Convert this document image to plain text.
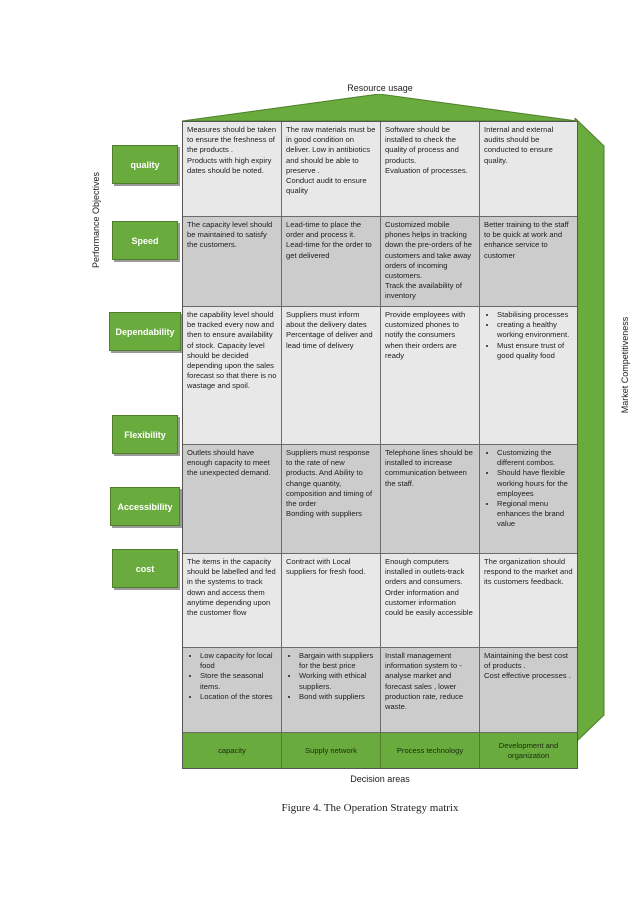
Resource usage
Performance Objectives
Market Competitiveness
quality
Speed
Dependability
Flexibility
Accessibility
cost
Measures should be taken to ensure the freshness of the products .
Products with high expiry dates should be noted.
The raw materials must be in good condition on deliver. Low in antibiotics and should be able to preserve .
Conduct audit to ensure quality
Software should be installed to check the quality of process and products.
Evaluation of processes.
Internal and external audits should be conducted to ensure quality.
The capacity level should be maintained to satisfy the customers.
Lead-time to place the order and process it.
Lead-time for the order to get delivered
Customized mobile phones helps in tracking down the pre-orders of he customers and take away orders of incoming customers.
Track the availability of inventory
Better training to the staff to be quick at work and enhance service to customer
the capability level should be tracked every now and then to ensure availability of stock. Capacity level should be decided depending upon the sales forecast so that there is no wastage and spoil.
Suppliers must inform about the delivery dates
Percentage of deliver and lead time of delivery
Provide employees with customized phones to notify the consumers when their orders are ready
• Stabilising processes
• creating a healthy working environment.
• Must ensure trust of good quality food
Outlets should have enough capacity to meet the unexpected demand.
Suppliers must response to the rate of new products. And Ability to change quantity, composition and timing of the order
Bonding with suppliers
Telephone lines should be installed to increase communication between the staff.
• Customizing the different combos.
• Should have flexible working hours for the employees
• Regional menu enhances the brand value
The items in the capacity should be labelled and fed in the systems to track down and access them anytime depending upon the customer flow
Contract with Local suppliers for fresh food.
Enough computers installed in outlets-track orders and consumers.
Order information and customer information could be easily accessible
The organization should respond to the market and its customers feedback.
• Low capacity for local food
• Store the seasonal items.
• Location of the stores
• Bargain with suppliers for the best price
• Working with ethical suppliers.
• Bond with suppliers
Install management information system to -analyse market and forecast sales , lower production rate, reduce waste.
Maintaining the best cost of products .
Cost effective processes .
capacity	Supply network	Process technology
Development and organization
Decision areas
Figure 4. The Operation Strategy matrix
